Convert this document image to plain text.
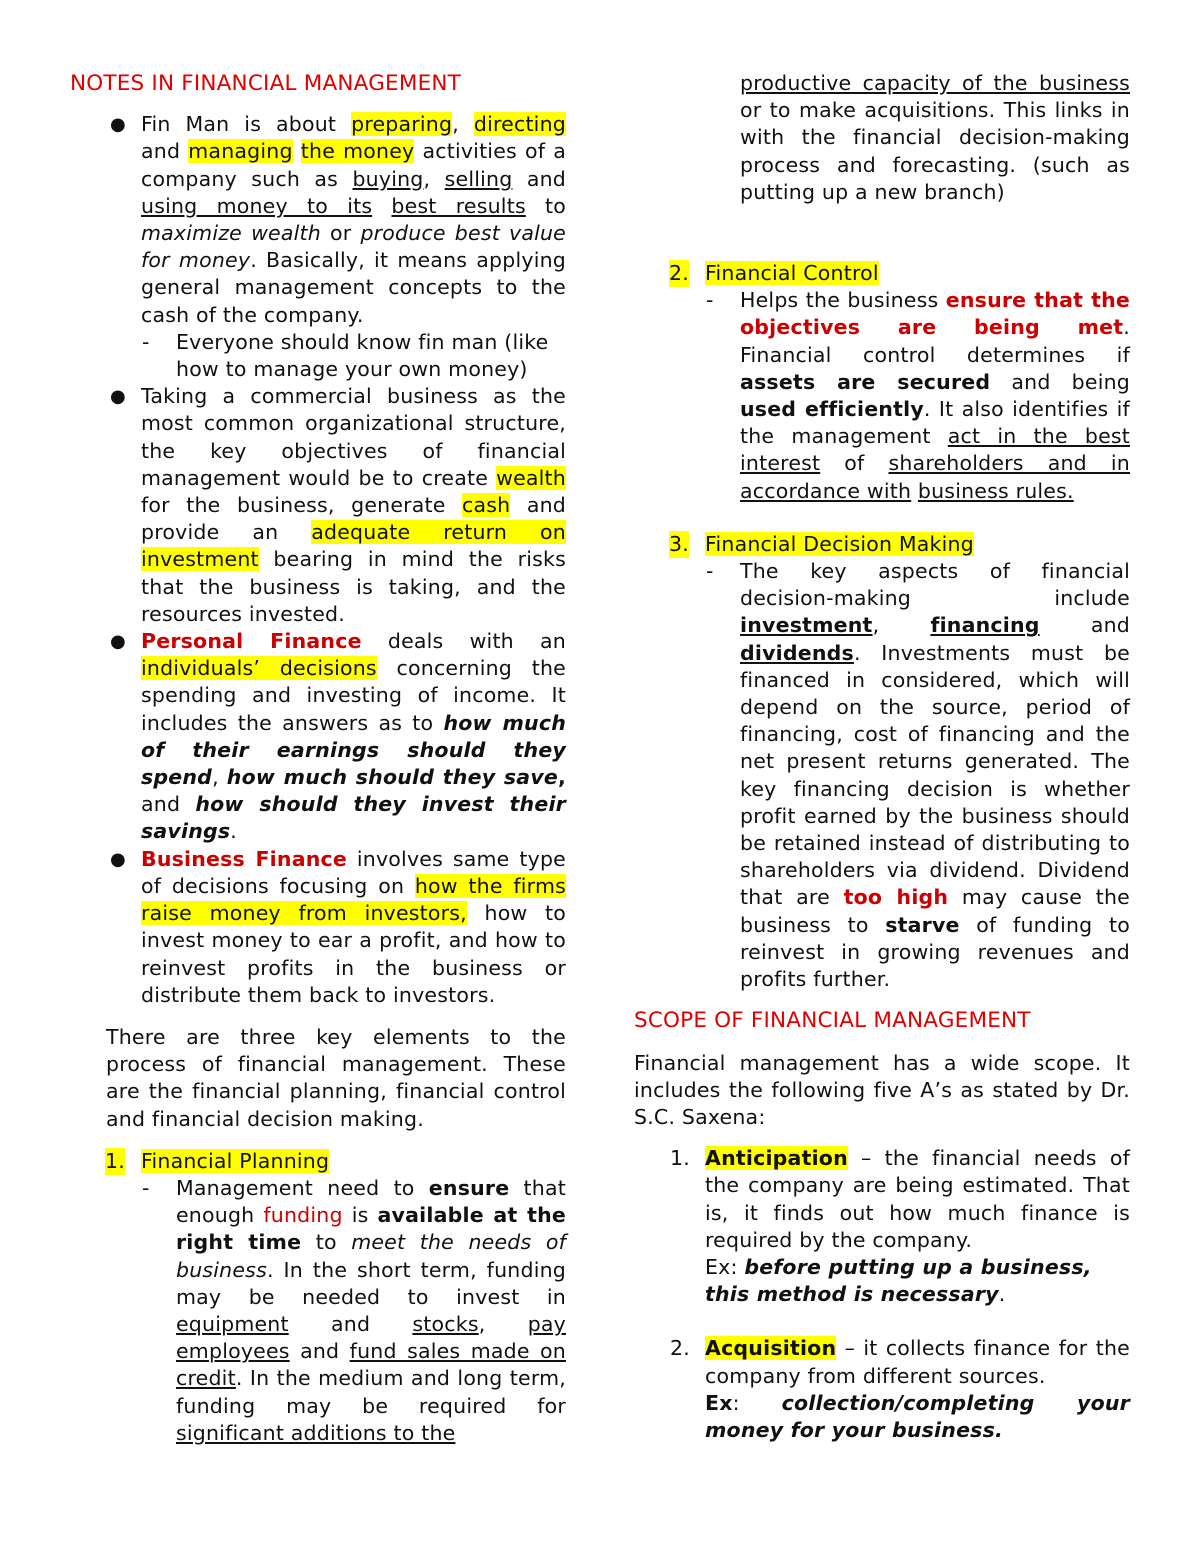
NOTES IN FINANCIAL MANAGEMENT
● Fin Man is about preparing, directing and managing the money activities of a company such as buying, selling and using money to its best results to maximize wealth or produce best value for money. Basically, it means applying general management concepts to the cash of the company.
- Everyone should know fin man (like how to manage your own money)
● Taking a commercial business as the most common organizational structure, the key objectives of financial management would be to create wealth for the business, generate cash and provide an adequate return on investment bearing in mind the risks that the business is taking, and the resources invested.
● Personal Finance deals with an individuals’ decisions concerning the spending and investing of income. It includes the answers as to how much of their earnings should they spend, how much should they save, and how should they invest their savings.
● Business Finance involves same type of decisions focusing on how the firms raise money from investors, how to invest money to ear a profit, and how to reinvest profits in the business or distribute them back to investors.

There are three key elements to the process of financial management. These are the financial planning, financial control and financial decision making.

1. Financial Planning
- Management need to ensure that enough funding is available at the right time to meet the needs of business. In the short term, funding may be needed to invest in equipment and stocks, pay employees and fund sales made on credit. In the medium and long term, funding may be required for significant additions to the
productive capacity of the business or to make acquisitions. This links in with the financial decision-making process and forecasting. (such as putting up a new branch)
2. Financial Control
- Helps the business ensure that the objectives are being met. Financial control determines if assets are secured and being used efficiently. It also identifies if the management act in the best interest of shareholders and in accordance with business rules.
3. Financial Decision Making
- The key aspects of financial decision-making include investment, financing and dividends. Investments must be financed in considered, which will depend on the source, period of financing, cost of financing and the net present returns generated. The key financing decision is whether profit earned by the business should be retained instead of distributing to shareholders via dividend. Dividend that are too high may cause the business to starve of funding to reinvest in growing revenues and profits further.
SCOPE OF FINANCIAL MANAGEMENT

Financial management has a wide scope. It includes the following five A’s as stated by Dr. S.C. Saxena:

1. Anticipation – the financial needs of the company are being estimated. That is, it finds out how much finance is required by the company.
Ex: before putting up a business, this method is necessary.
2. Acquisition – it collects finance for the company from different sources.
Ex: collection/completing your money for your business.
